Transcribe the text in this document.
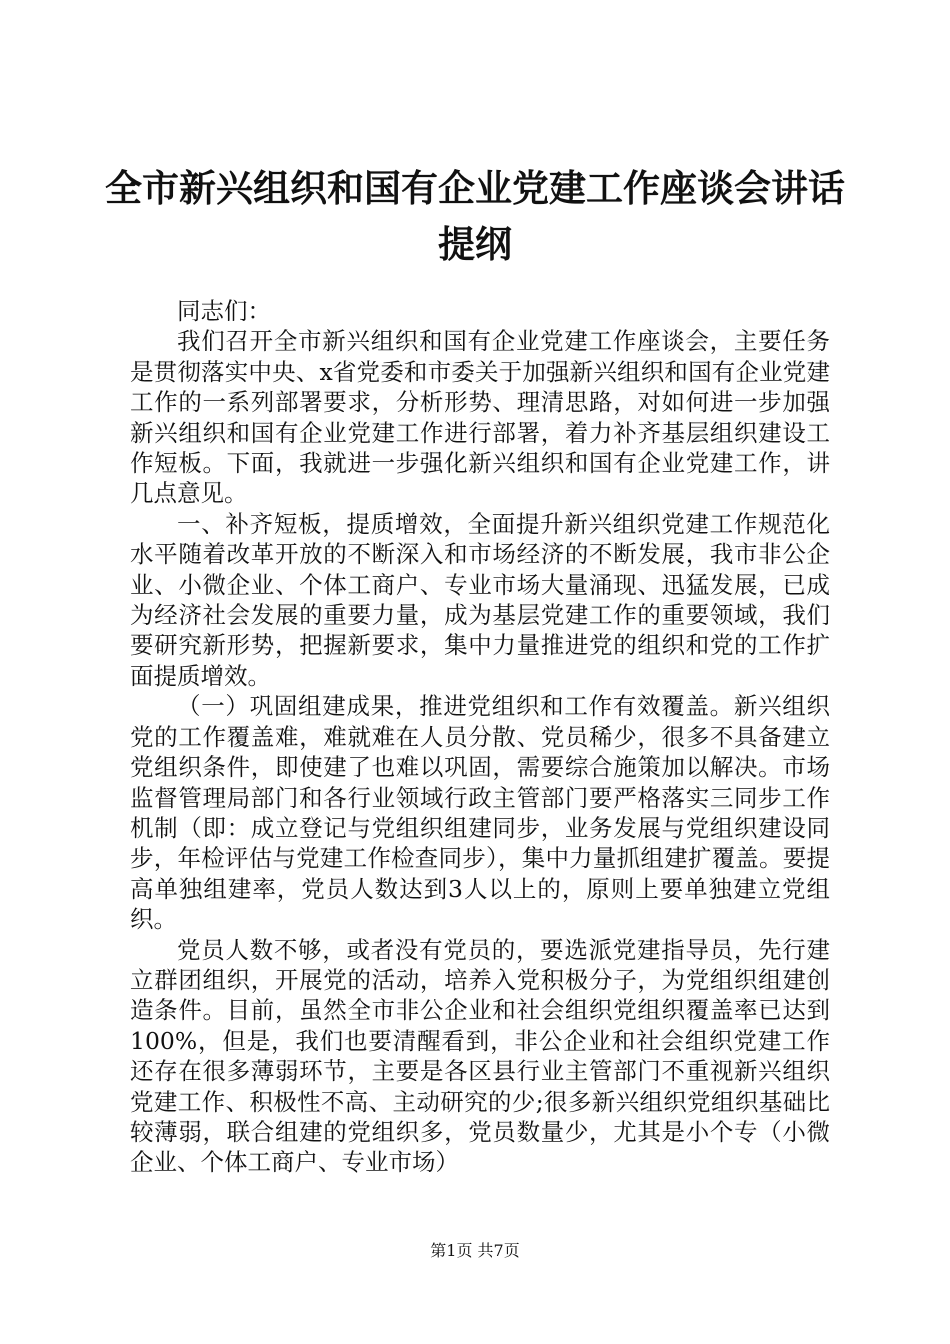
全市新兴组织和国有企业党建工作座谈会讲话
提纲

同志们：

我们召开全市新兴组织和国有企业党建工作座谈会，主要任务是贯彻落实中央、x省党委和市委关于加强新兴组织和国有企业党建工作的一系列部署要求，分析形势、理清思路，对如何进一步加强新兴组织和国有企业党建工作进行部署，着力补齐基层组织建设工作短板。下面，我就进一步强化新兴组织和国有企业党建工作，讲几点意见。

一、补齐短板，提质增效，全面提升新兴组织党建工作规范化水平随着改革开放的不断深入和市场经济的不断发展，我市非公企业、小微企业、个体工商户、专业市场大量涌现、迅猛发展，已成为经济社会发展的重要力量，成为基层党建工作的重要领域，我们要研究新形势，把握新要求，集中力量推进党的组织和党的工作扩面提质增效。

（一）巩固组建成果，推进党组织和工作有效覆盖。新兴组织党的工作覆盖难，难就难在人员分散、党员稀少，很多不具备建立党组织条件，即使建了也难以巩固，需要综合施策加以解决。市场监督管理局部门和各行业领域行政主管部门要严格落实三同步工作机制（即：成立登记与党组织组建同步，业务发展与党组织建设同步，年检评估与党建工作检查同步），集中力量抓组建扩覆盖。要提高单独组建率，党员人数达到3人以上的，原则上要单独建立党组织。

党员人数不够，或者没有党员的，要选派党建指导员，先行建立群团组织，开展党的活动，培养入党积极分子，为党组织组建创造条件。目前，虽然全市非公企业和社会组织党组织覆盖率已达到100%，但是，我们也要清醒看到，非公企业和社会组织党建工作还存在很多薄弱环节，主要是各区县行业主管部门不重视新兴组织党建工作、积极性不高、主动研究的少;很多新兴组织党组织基础比较薄弱，联合组建的党组织多，党员数量少，尤其是小个专（小微企业、个体工商户、专业市场）

第1页 共7页
